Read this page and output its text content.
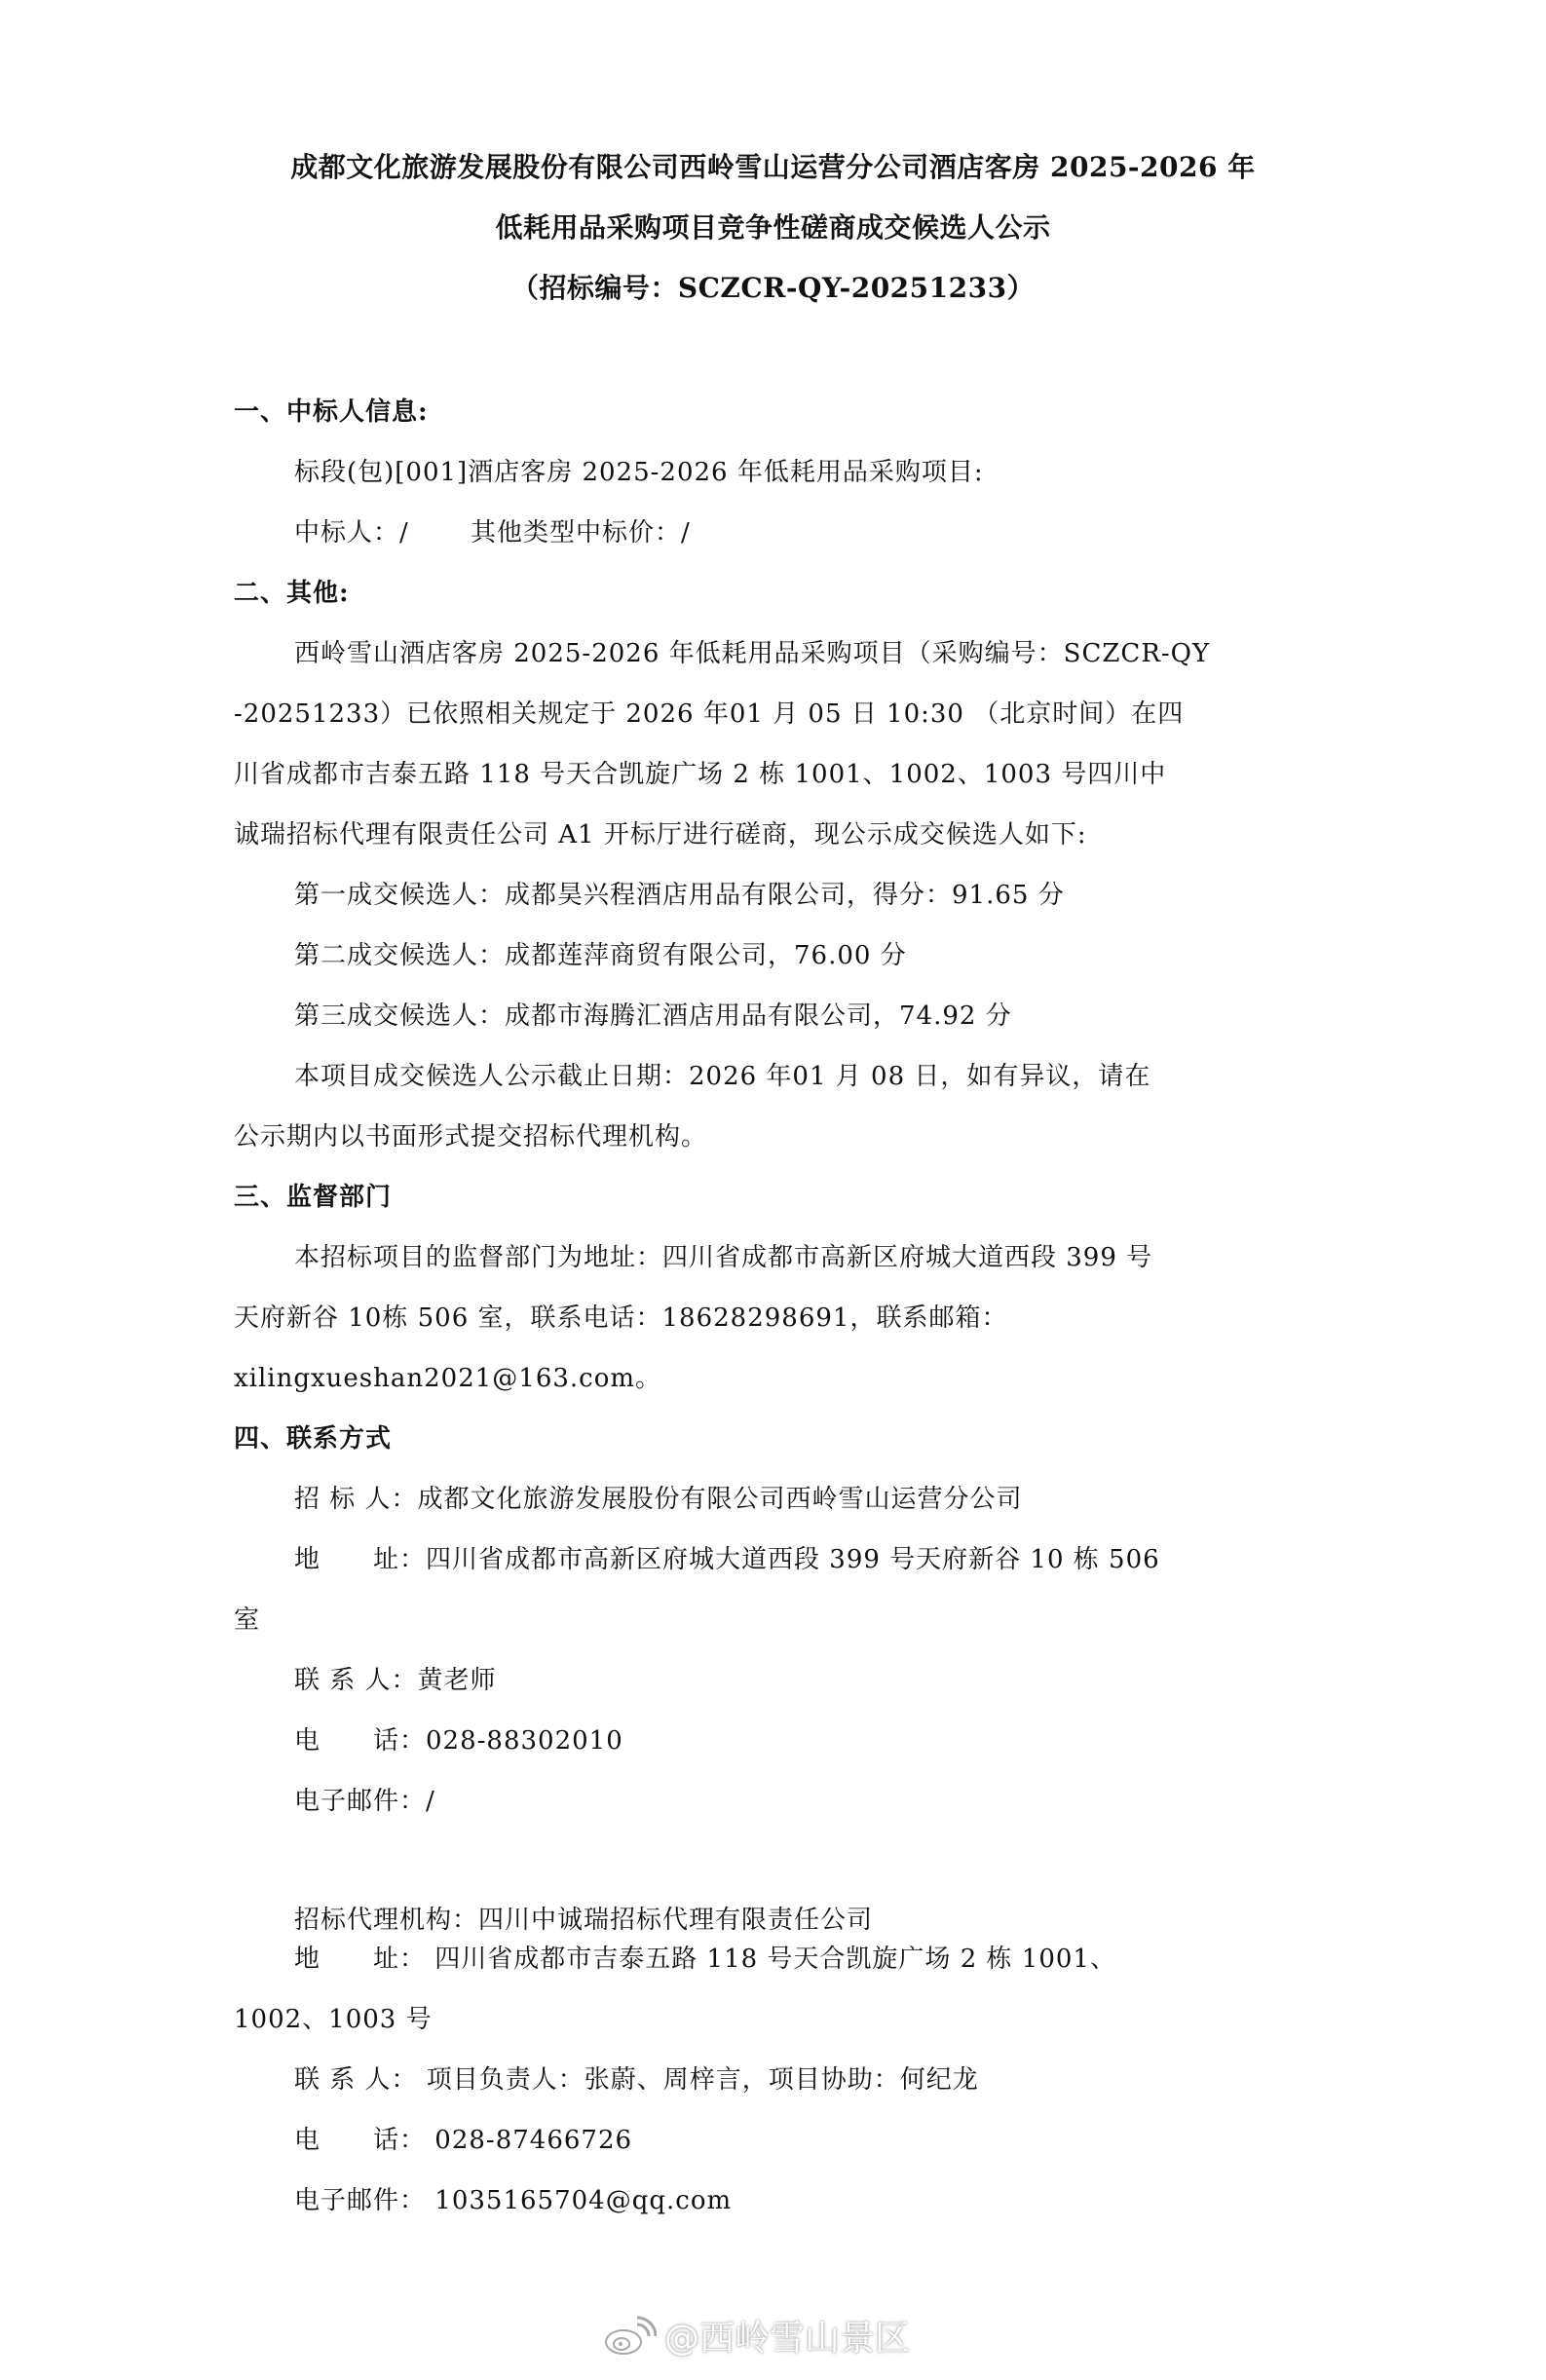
成都文化旅游发展股份有限公司西岭雪山运营分公司酒店客房 2025-2026 年
低耗用品采购项目竞争性磋商成交候选人公示
（招标编号：SCZCR-QY-20251233）
一、中标人信息:
标段(包)[001]酒店客房 2025-2026 年低耗用品采购项目:
中标人：/　　 其他类型中标价：/
二、其他:
西岭雪山酒店客房 2025-2026 年低耗用品采购项目（采购编号：SCZCR-QY
-20251233）已依照相关规定于 2026 年01 月 05 日 10:30 （北京时间）在四
川省成都市吉泰五路 118 号天合凯旋广场 2 栋 1001、1002、1003 号四川中
诚瑞招标代理有限责任公司 A1 开标厅进行磋商，现公示成交候选人如下:
第一成交候选人：成都昊兴程酒店用品有限公司，得分：91.65 分
第二成交候选人：成都莲萍商贸有限公司，76.00 分
第三成交候选人：成都市海腾汇酒店用品有限公司，74.92 分
本项目成交候选人公示截止日期：2026 年01 月 08 日，如有异议，请在
公示期内以书面形式提交招标代理机构。
三、监督部门
本招标项目的监督部门为地址：四川省成都市高新区府城大道西段 399 号
天府新谷 10栋 506 室，联系电话：18628298691，联系邮箱：
xilingxueshan2021@163.com。
四、联系方式
招 标 人：成都文化旅游发展股份有限公司西岭雪山运营分公司
地　　址：四川省成都市高新区府城大道西段 399 号天府新谷 10 栋 506
室
联 系 人：黄老师
电　　话：028-88302010
电子邮件：/
招标代理机构：四川中诚瑞招标代理有限责任公司
地　　址： 四川省成都市吉泰五路 118 号天合凯旋广场 2 栋 1001、
1002、1003 号
联 系 人： 项目负责人：张蔚、周梓言，项目协助：何纪龙
电　　话： 028-87466726
电子邮件： 1035165704@qq.com
@西岭雪山景区
